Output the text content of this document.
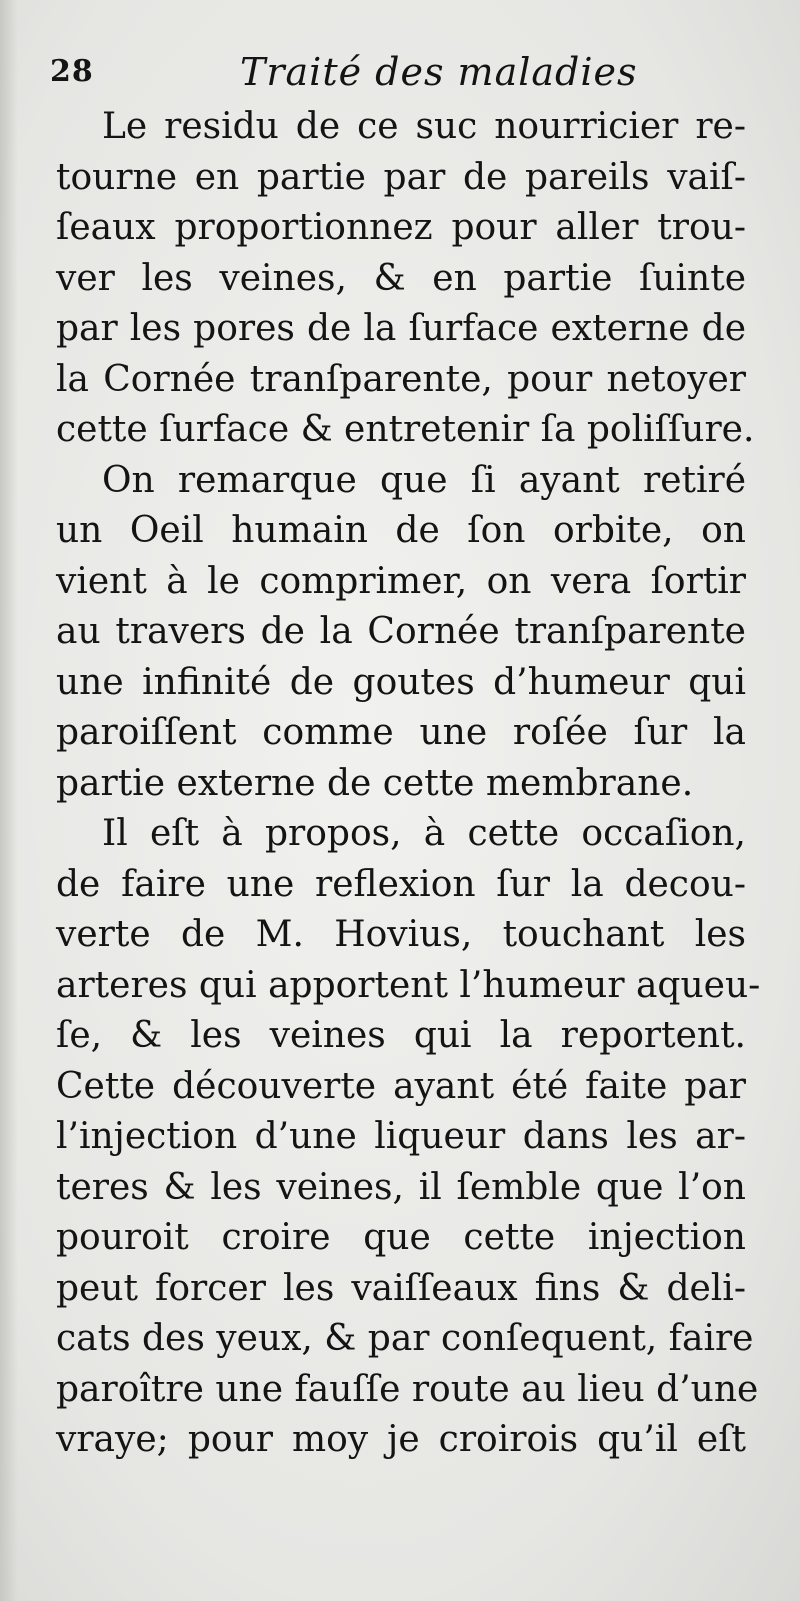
28	Traité des maladies
Le residu de ce suc nourricier re-
tourne en partie par de pareils vaiſ-
ſeaux proportionnez pour aller trou-
ver les veines, & en partie ſuinte
par les pores de la ſurface externe de
la Cornée tranſparente, pour netoyer
cette ſurface & entretenir ſa poliſſure.
On remarque que ſi ayant retiré
un Oeil humain de ſon orbite, on
vient à le comprimer, on vera ſortir
au travers de la Cornée tranſparente
une infinité de goutes d’humeur qui
paroiſſent comme une roſée ſur la
partie externe de cette membrane.
Il eſt à propos, à cette occaſion,
de faire une reflexion ſur la decou-
verte de M. Hovius, touchant les
arteres qui apportent l’humeur aqueu-
ſe, & les veines qui la reportent.
Cette découverte ayant été faite par
l’injection d’une liqueur dans les ar-
teres & les veines, il ſemble que l’on
pouroit croire que cette injection
peut forcer les vaiſſeaux fins & deli-
cats des yeux, & par conſequent, faire
paroître une fauſſe route au lieu d’une
vraye; pour moy je croirois qu’il eſt
